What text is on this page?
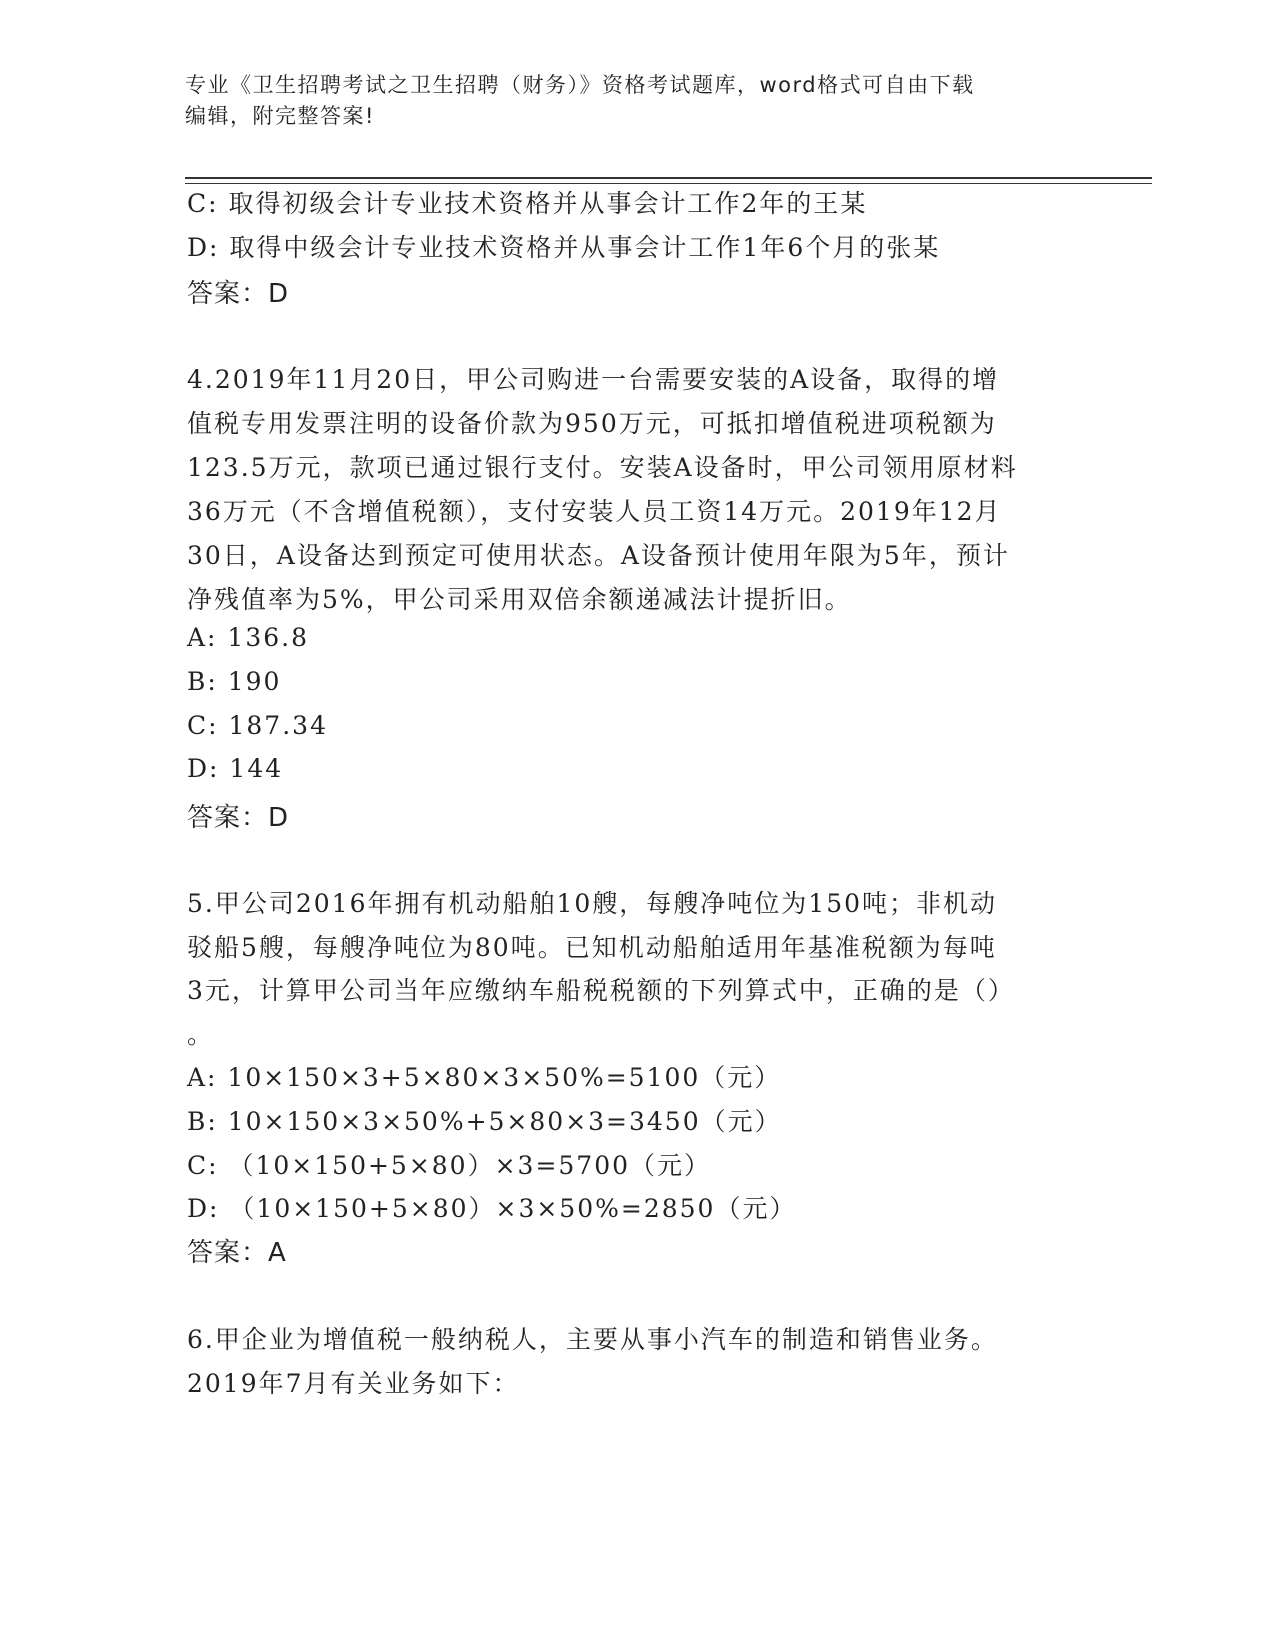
专业《卫生招聘考试之卫生招聘（财务）》资格考试题库，word格式可自由下载
编辑，附完整答案!
C: 取得初级会计专业技术资格并从事会计工作2年的王某
D: 取得中级会计专业技术资格并从事会计工作1年6个月的张某
答案：D
4.2019年11月20日，甲公司购进一台需要安装的A设备，取得的增
值税专用发票注明的设备价款为950万元，可抵扣增值税进项税额为
123.5万元，款项已通过银行支付。安装A设备时，甲公司领用原材料
36万元（不含增值税额），支付安装人员工资14万元。2019年12月
30日，A设备达到预定可使用状态。A设备预计使用年限为5年，预计
净残值率为5%，甲公司采用双倍余额递减法计提折旧。
A: 136.8
B: 190
C: 187.34
D: 144
答案：D
5.甲公司2016年拥有机动船舶10艘，每艘净吨位为150吨；非机动
驳船5艘，每艘净吨位为80吨。已知机动船舶适用年基准税额为每吨
3元，计算甲公司当年应缴纳车船税税额的下列算式中，正确的是（）
。
A: 10×150×3+5×80×3×50%=5100（元）
B: 10×150×3×50%+5×80×3=3450（元）
C: （10×150+5×80）×3=5700（元）
D: （10×150+5×80）×3×50%=2850（元）
答案：A
6.甲企业为增值税一般纳税人，主要从事小汽车的制造和销售业务。
2019年7月有关业务如下：
